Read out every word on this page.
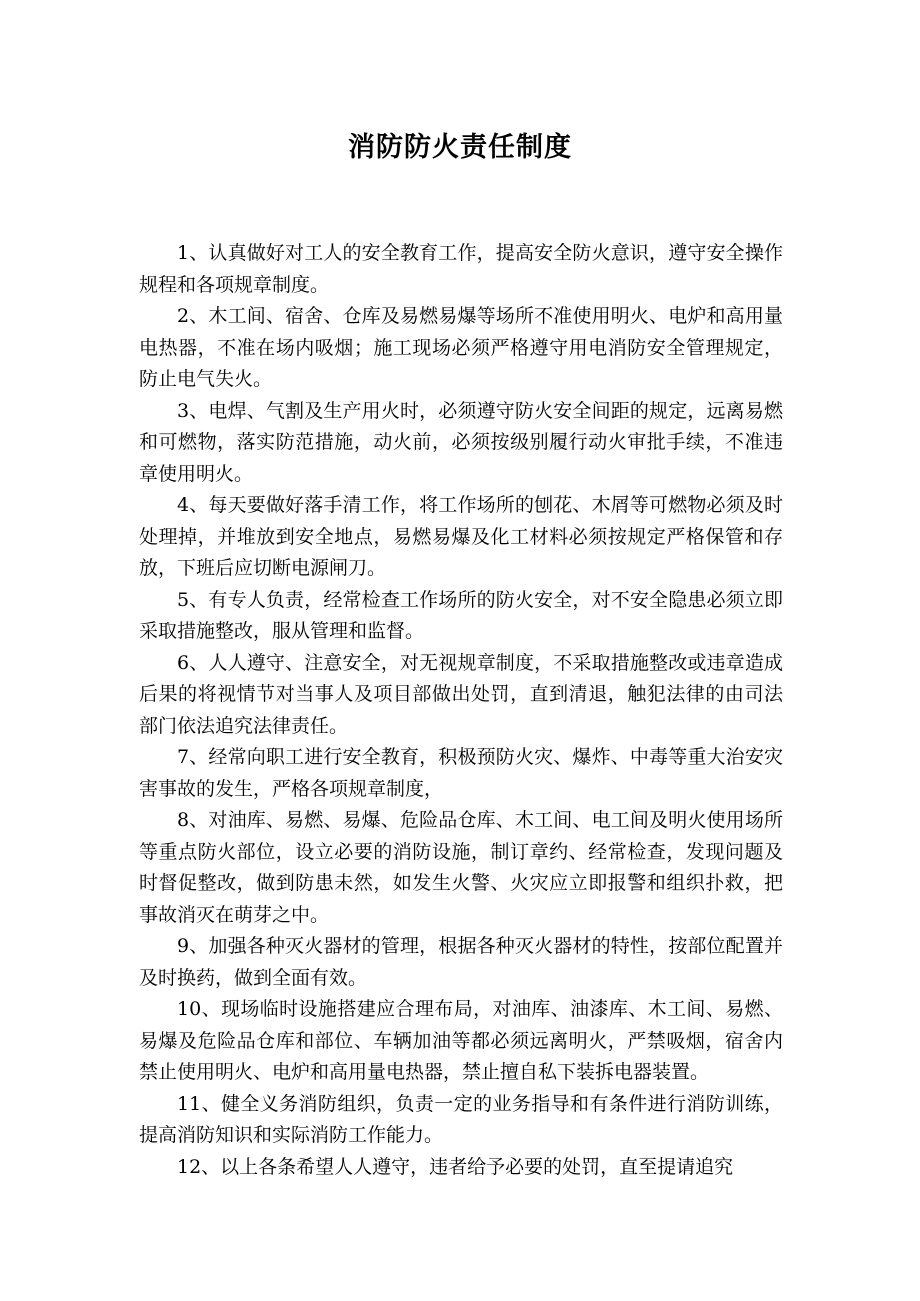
消防防火责任制度

1、认真做好对工人的安全教育工作，提高安全防火意识，遵守安全操作规程和各项规章制度。

2、木工间、宿舍、仓库及易燃易爆等场所不准使用明火、电炉和高用量电热器，不准在场内吸烟；施工现场必须严格遵守用电消防安全管理规定，防止电气失火。

3、电焊、气割及生产用火时，必须遵守防火安全间距的规定，远离易燃和可燃物，落实防范措施，动火前，必须按级别履行动火审批手续，不准违章使用明火。

4、每天要做好落手清工作，将工作场所的刨花、木屑等可燃物必须及时处理掉，并堆放到安全地点，易燃易爆及化工材料必须按规定严格保管和存放，下班后应切断电源闸刀。

5、有专人负责，经常检查工作场所的防火安全，对不安全隐患必须立即采取措施整改，服从管理和监督。

6、人人遵守、注意安全，对无视规章制度，不采取措施整改或违章造成后果的将视情节对当事人及项目部做出处罚，直到清退，触犯法律的由司法部门依法追究法律责任。

7、经常向职工进行安全教育，积极预防火灾、爆炸、中毒等重大治安灾害事故的发生，严格各项规章制度，

8、对油库、易燃、易爆、危险品仓库、木工间、电工间及明火使用场所等重点防火部位，设立必要的消防设施，制订章约、经常检查，发现问题及时督促整改，做到防患未然，如发生火警、火灾应立即报警和组织扑救，把事故消灭在萌芽之中。

9、加强各种灭火器材的管理，根据各种灭火器材的特性，按部位配置并及时换药，做到全面有效。

10、现场临时设施搭建应合理布局，对油库、油漆库、木工间、易燃、易爆及危险品仓库和部位、车辆加油等都必须远离明火，严禁吸烟，宿舍内禁止使用明火、电炉和高用量电热器，禁止擅自私下装拆电器装置。

11、健全义务消防组织，负责一定的业务指导和有条件进行消防训练，提高消防知识和实际消防工作能力。

12、以上各条希望人人遵守，违者给予必要的处罚，直至提请追究
